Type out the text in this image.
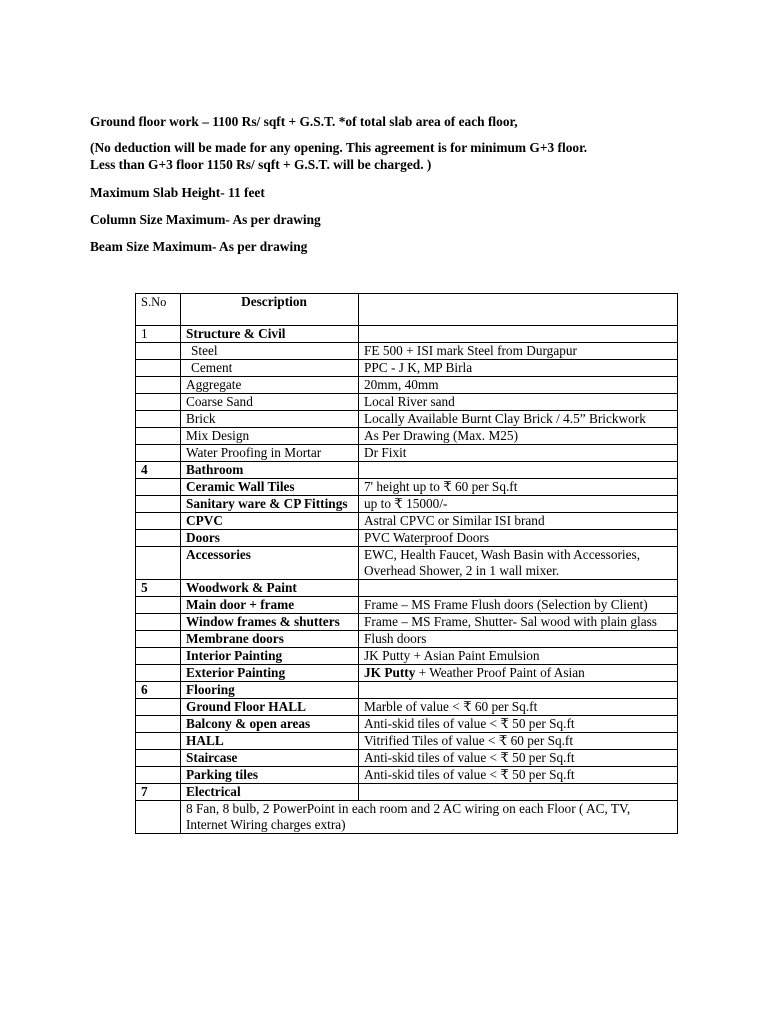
Ground floor work – 1100 Rs/ sqft + G.S.T. *of total slab area of each floor,
(No deduction will be made for any opening. This agreement is for minimum G+3 floor.
Less than G+3 floor 1150 Rs/ sqft + G.S.T. will be charged. )
Maximum Slab Height- 11 feet
Column Size Maximum- As per drawing
Beam Size Maximum- As per drawing
S.No	Description	
1	Structure & Civil	
	Steel	FE 500 + ISI mark Steel from Durgapur
	Cement	PPC - J K, MP Birla
	Aggregate	20mm, 40mm
	Coarse Sand	Local River sand
	Brick	Locally Available Burnt Clay Brick / 4.5” Brickwork
	Mix Design	As Per Drawing (Max. M25)
	Water Proofing in Mortar	Dr Fixit
4	Bathroom	
	Ceramic Wall Tiles	7' height up to ₹ 60 per Sq.ft
	Sanitary ware & CP Fittings	up to ₹ 15000/-
	CPVC	Astral CPVC or Similar ISI brand
	Doors	PVC Waterproof Doors
	Accessories	EWC, Health Faucet, Wash Basin with Accessories, Overhead Shower, 2 in 1 wall mixer.
5	Woodwork & Paint	
	Main door + frame	Frame – MS Frame Flush doors (Selection by Client)
	Window frames & shutters	Frame – MS Frame, Shutter- Sal wood with plain glass
	Membrane doors	Flush doors
	Interior Painting	JK Putty + Asian Paint Emulsion
	Exterior Painting	JK Putty + Weather Proof Paint of Asian
6	Flooring	
	Ground Floor HALL	Marble of value < ₹ 60 per Sq.ft
	Balcony & open areas	Anti-skid tiles of value < ₹ 50 per Sq.ft
	HALL	Vitrified Tiles of value < ₹ 60 per Sq.ft
	Staircase	Anti-skid tiles of value < ₹ 50 per Sq.ft
	Parking tiles	Anti-skid tiles of value < ₹ 50 per Sq.ft
7	Electrical	
	8 Fan, 8 bulb, 2 PowerPoint in each room and 2 AC wiring on each Floor ( AC, TV, Internet Wiring charges extra)	
